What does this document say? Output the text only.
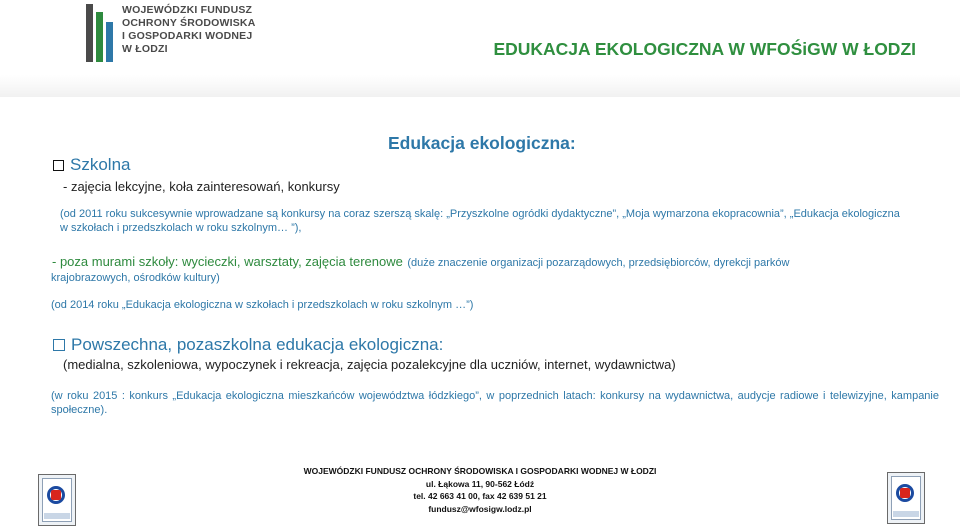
WOJEWÓDZKI FUNDUSZ
OCHRONY ŚRODOWISKA
I GOSPODARKI WODNEJ
W ŁODZI	EDUKACJA EKOLOGICZNA W WFOŚiGW W ŁODZI
Edukacja ekologiczna:
Szkolna
- zajęcia lekcyjne, koła zainteresowań, konkursy
(od 2011 roku sukcesywnie wprowadzane są konkursy na coraz szerszą skalę: „Przyszkolne ogródki dydaktyczne”, „Moja wymarzona ekopracownia”, „Edukacja ekologiczna w szkołach i przedszkolach w roku szkolnym… ”),
- poza murami szkoły: wycieczki, warsztaty, zajęcia terenowe (duże znaczenie organizacji pozarządowych, przedsiębiorców, dyrekcji parków
krajobrazowych, ośrodków kultury)
(od 2014 roku „Edukacja ekologiczna w szkołach i przedszkolach w roku szkolnym …”)
Powszechna, pozaszkolna edukacja ekologiczna:
(medialna, szkoleniowa, wypoczynek i rekreacja, zajęcia pozalekcyjne dla uczniów, internet, wydawnictwa)
(w roku 2015 : konkurs „Edukacja ekologiczna mieszkańców województwa łódzkiego”, w poprzednich latach: konkursy na wydawnictwa, audycje radiowe i telewizyjne, kampanie społeczne).
WOJEWÓDZKI FUNDUSZ OCHRONY ŚRODOWISKA I GOSPODARKI WODNEJ W ŁODZI
ul. Łąkowa 11, 90-562 Łódź
tel. 42 663 41 00, fax 42 639 51 21
fundusz@wfosigw.lodz.pl
